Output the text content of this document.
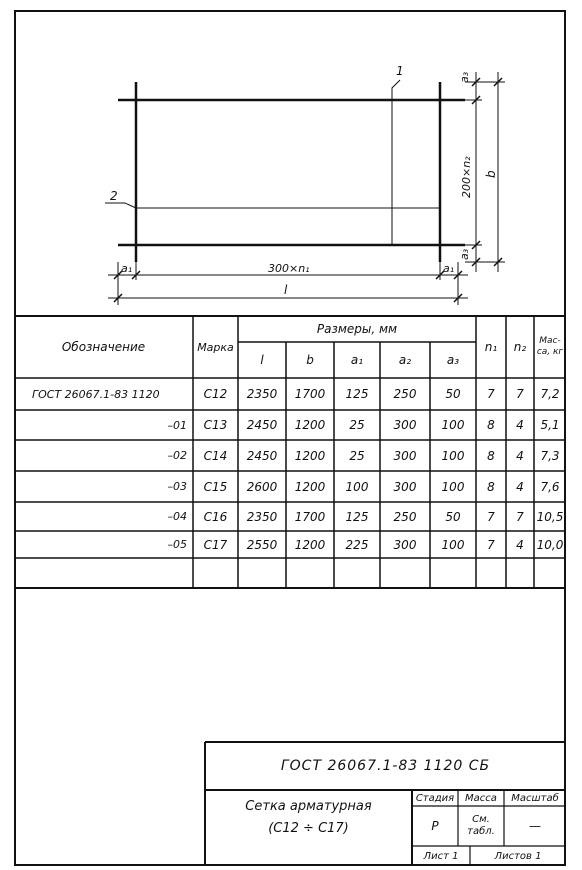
1
2
300×n₁
l
a₁	a₁
a₃
a₃
200×n₂ b
Обозначение	Марка
Размеры, мм
l	b	a₁	a₂	a₃
n₁	n₂	Мас-са, кг
ГОСТ 26067.1-83 1120	С12	2350	1700	125	250	50	7	7	7,2
–01	С13	2450	1200	25	300	100	8	4	5,1
–02	С14	2450	1200	25	300	100	8	4	7,3
–03	С15	2600	1200	100	300	100	8	4	7,6
–04	С16	2350	1700	125	250	50	7	7	10,5
–05	С17	2550	1200	225	300	100	7	4	10,0
ГОСТ 26067.1-83 1120 СБ
Сетка арматурная
(С12 ÷ С17)
Стадия	Масса	Масштаб
Р	См. табл.	—
Лист 1	Листов 1
